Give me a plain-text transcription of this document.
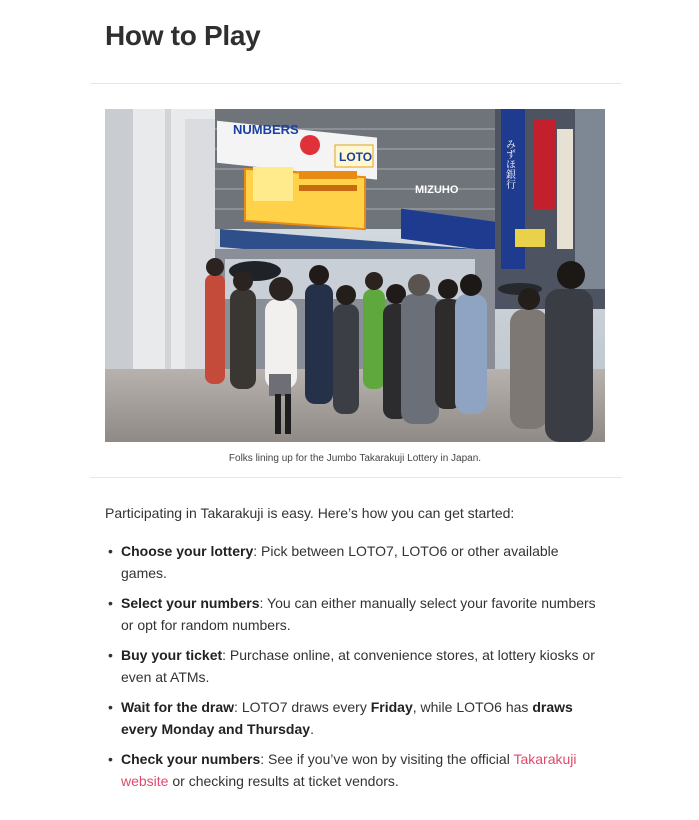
How to Play
NUMBERS
LOTO
MIZUHO
みずほ銀行
Folks lining up for the Jumbo Takarakuji Lottery in Japan.
Participating in Takarakuji is easy. Here’s how you can get started:
• Choose your lottery: Pick between LOTO7, LOTO6 or other available games.
• Select your numbers: You can either manually select your favorite numbers or opt for random numbers.
• Buy your ticket: Purchase online, at convenience stores, at lottery kiosks or even at ATMs.
• Wait for the draw: LOTO7 draws every Friday, while LOTO6 has draws every Monday and Thursday.
• Check your numbers: See if you’ve won by visiting the official Takarakuji website or checking results at ticket vendors.
